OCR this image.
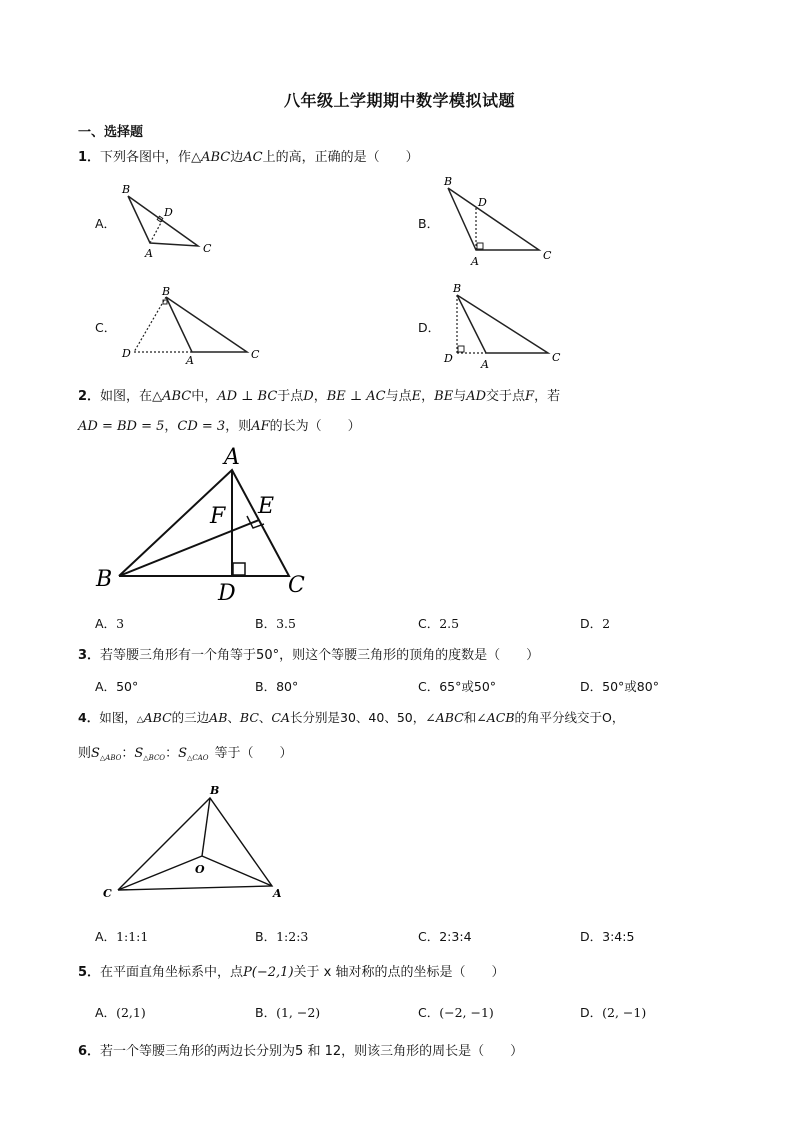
八年级上学期期中数学模拟试题
一、选择题
1．下列各图中，作△ABC边AC上的高，正确的是（　　）
A．
B
D
A	C
B．
B
D
A	C
C．
B
D
A	C
D．
B
D	A
C
2．如图，在△ABC中，AD ⊥ BC于点D，BE ⊥ AC与点E，BE与AD交于点F，若
AD = BD = 5，CD = 3，则AF的长为（　　）
A
B	C
D
E
F
A．3	B．3.5	C．2.5	D．2
3．若等腰三角形有一个角等于50°，则这个等腰三角形的顶角的度数是（　　）
A．50°	B．80°	C．65°或50°	D．50°或80°
4．如图，△ABC的三边AB、BC、CA长分别是30、40、50，∠ABC和∠ACB的角平分线交于O，
则$S_{\triangle ABO}$：$S_{\triangle BCO}$：$S_{\triangle CAO}$ 等于（　　）
B
O
C	A
A．1:1:1	B．1:2:3	C．2:3:4	D．3:4:5
5．在平面直角坐标系中，点P(−2,1)关于 x 轴对称的点的坐标是（　　）
A．(2,1)	B．(1, −2)	C．(−2, −1)	D．(2, −1)
6．若一个等腰三角形的两边长分别为5 和 12，则该三角形的周长是（　　）
